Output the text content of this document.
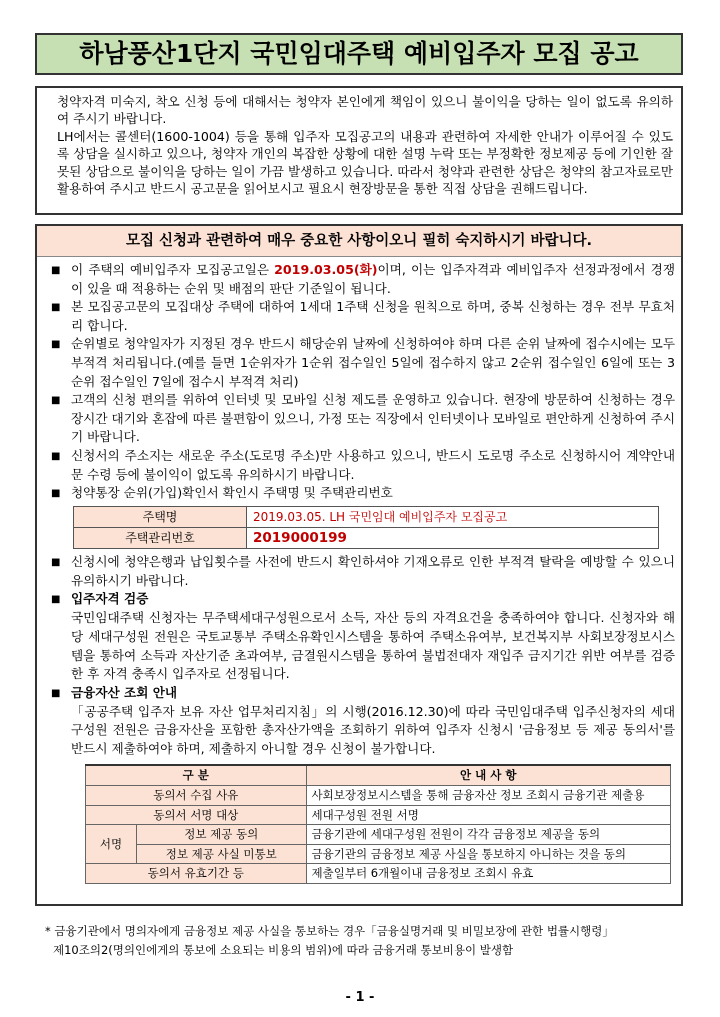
하남풍산1단지 국민임대주택 예비입주자 모집 공고

청약자격 미숙지, 착오 신청 등에 대해서는 청약자 본인에게 책임이 있으니 불이익을 당하는 일이 없도록 유의하여 주시기 바랍니다.

LH에서는 콜센터(1600-1004) 등을 통해 입주자 모집공고의 내용과 관련하여 자세한 안내가 이루어질 수 있도록 상담을 실시하고 있으나, 청약자 개인의 복잡한 상황에 대한 설명 누락 또는 부정확한 정보제공 등에 기인한 잘못된 상담으로 불이익을 당하는 일이 가끔 발생하고 있습니다. 따라서 청약과 관련한 상담은 청약의 참고자료로만 활용하여 주시고 반드시 공고문을 읽어보시고 필요시 현장방문을 통한 직접 상담을 권해드립니다.

모집 신청과 관련하여 매우 중요한 사항이오니 필히 숙지하시기 바랍니다.
■ 이 주택의 예비입주자 모집공고일은 2019.03.05(화)이며, 이는 입주자격과 예비입주자 선정과정에서 경쟁이 있을 때 적용하는 순위 및 배점의 판단 기준일이 됩니다.
■ 본 모집공고문의 모집대상 주택에 대하여 1세대 1주택 신청을 원칙으로 하며, 중복 신청하는 경우 전부 무효처리 합니다.
■ 순위별로 청약일자가 지정된 경우 반드시 해당순위 날짜에 신청하여야 하며 다른 순위 날짜에 접수시에는 모두 부적격 처리됩니다.(예를 들면 1순위자가 1순위 접수일인 5일에 접수하지 않고 2순위 접수일인 6일에 또는 3순위 접수일인 7일에 접수시 부적격 처리)
■ 고객의 신청 편의를 위하여 인터넷 및 모바일 신청 제도를 운영하고 있습니다. 현장에 방문하여 신청하는 경우 장시간 대기와 혼잡에 따른 불편함이 있으니, 가정 또는 직장에서 인터넷이나 모바일로 편안하게 신청하여 주시기 바랍니다.
■ 신청서의 주소지는 새로운 주소(도로명 주소)만 사용하고 있으니, 반드시 도로명 주소로 신청하시어 계약안내문 수령 등에 불이익이 없도록 유의하시기 바랍니다.
■ 청약통장 순위(가입)확인서 확인시 주택명 및 주택관리번호
주택명	2019.03.05. LH 국민임대 예비입주자 모집공고
주택관리번호	2019000199
■ 신청시에 청약은행과 납입횟수를 사전에 반드시 확인하셔야 기재오류로 인한 부적격 탈락을 예방할 수 있으니 유의하시기 바랍니다.
■ 입주자격 검증
국민임대주택 신청자는 무주택세대구성원으로서 소득, 자산 등의 자격요건을 충족하여야 합니다. 신청자와 해당 세대구성원 전원은 국토교통부 주택소유확인시스템을 통하여 주택소유여부, 보건복지부 사회보장정보시스템을 통하여 소득과 자산기준 초과여부, 금결원시스템을 통하여 불법전대자 재입주 금지기간 위반 여부를 검증한 후 자격 충족시 입주자로 선정됩니다.
■ 금융자산 조회 안내
「공공주택 입주자 보유 자산 업무처리지침」의 시행(2016.12.30)에 따라 국민임대주택 입주신청자의 세대구성원 전원은 금융자산을 포함한 총자산가액을 조회하기 위하여 입주자 신청시 '금융정보 등 제공 동의서'를 반드시 제출하여야 하며, 제출하지 아니할 경우 신청이 불가합니다.
구 분		안 내 사 항
동의서 수집 사유		사회보장정보시스템을 통해 금융자산 정보 조회시 금융기관 제출용
동의서 서명 대상		세대구성원 전원 서명
서명	정보 제공 동의	금융기관에 세대구성원 전원이 각각 금융정보 제공을 동의
	정보 제공 사실 미통보	금융기관의 금융정보 제공 사실을 통보하지 아니하는 것을 동의
동의서 유효기간 등		제출일부터 6개월이내 금융정보 조회시 유효
* 금융기관에서 명의자에게 금융정보 제공 사실을 통보하는 경우「금융실명거래 및 비밀보장에 관한 법률시행령」
제10조의2(명의인에게의 통보에 소요되는 비용의 범위)에 따라 금융거래 통보비용이 발생함
- 1 -
